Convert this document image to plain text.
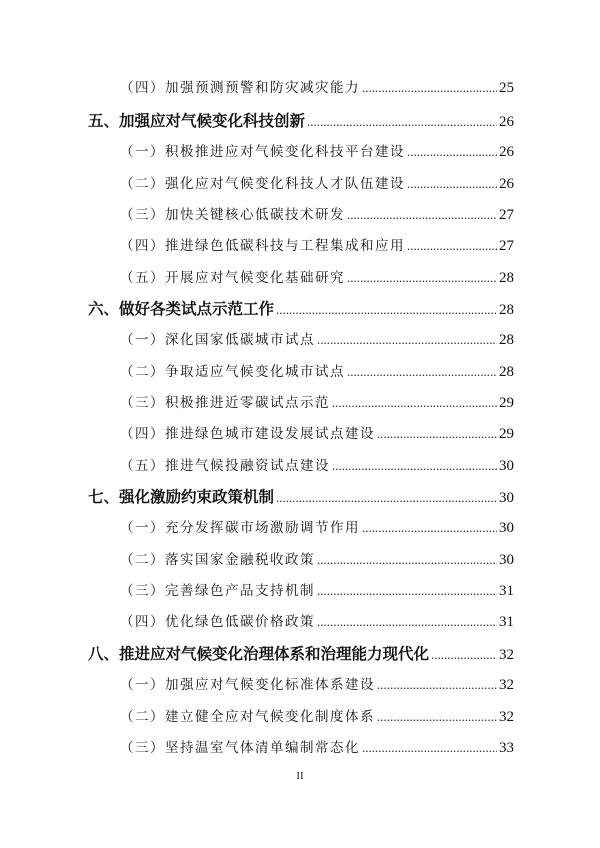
（四）加强预测预警和防灾减灾能力 .....	25
五、加强应对气候变化科技创新 .....	26
（一）积极推进应对气候变化科技平台建设 .....	26
（二）强化应对气候变化科技人才队伍建设 .....	26
（三）加快关键核心低碳技术研发 .....	27
（四）推进绿色低碳科技与工程集成和应用 .....	27
（五）开展应对气候变化基础研究 .....	28
六、做好各类试点示范工作 .....	28
（一）深化国家低碳城市试点 .....	28
（二）争取适应气候变化城市试点 .....	28
（三）积极推进近零碳试点示范 .....	29
（四）推进绿色城市建设发展试点建设 .....	29
（五）推进气候投融资试点建设 .....	30
七、强化激励约束政策机制 .....	30
（一）充分发挥碳市场激励调节作用 .....	30
（二）落实国家金融税收政策 .....	30
（三）完善绿色产品支持机制 .....	31
（四）优化绿色低碳价格政策 .....	31
八、推进应对气候变化治理体系和治理能力现代化 .....	32
（一）加强应对气候变化标准体系建设 .....	32
（二）建立健全应对气候变化制度体系 .....	32
（三）坚持温室气体清单编制常态化 .....	33
II
